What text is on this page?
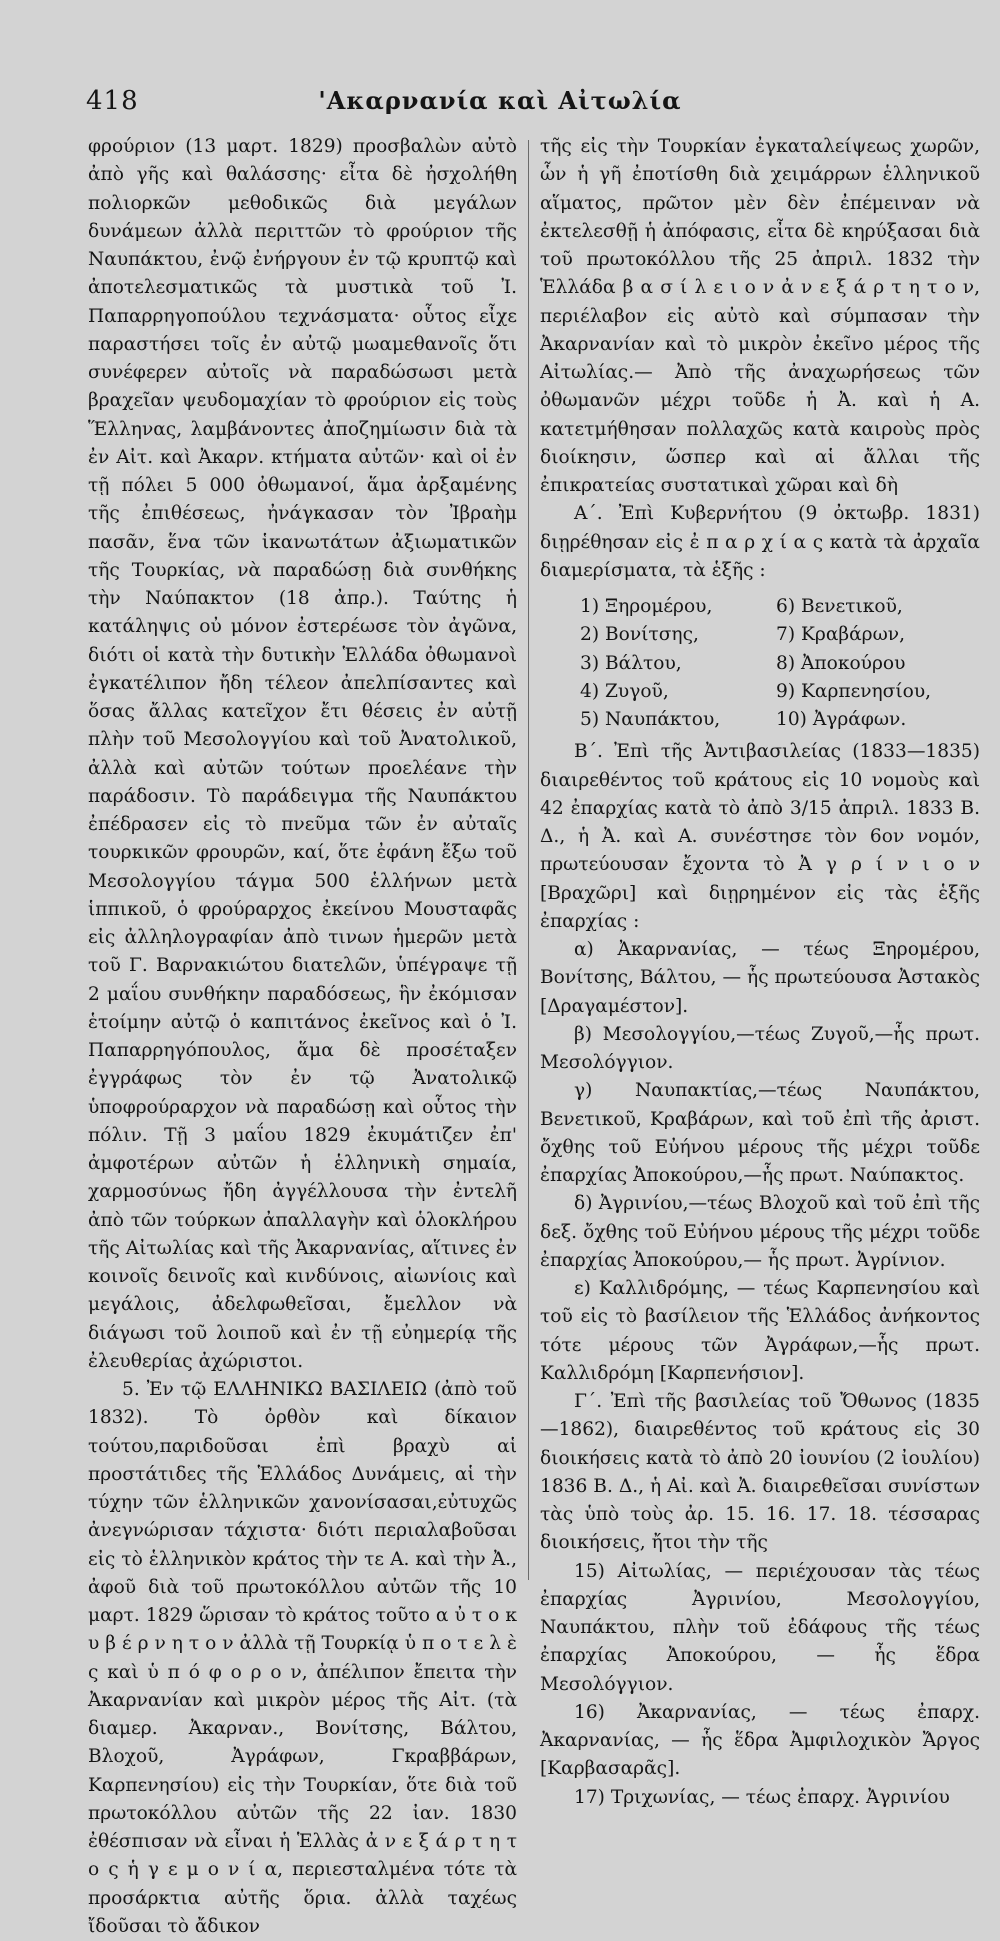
418	'Ακαρνανία καὶ Αἰτωλία

φρούριον (13 μαρτ. 1829) προσβαλὼν αὐτὸ ἀπὸ γῆς καὶ θαλάσσης· εἶτα δὲ ἠσχολήθη πολιορκῶν μεθοδικῶς διὰ μεγάλων δυνάμεων ἀλλὰ περιττῶν τὸ φρούριον τῆς Ναυπάκτου, ἐνῷ ἐνήργουν ἐν τῷ κρυπτῷ καὶ ἀποτελεσματικῶς τὰ μυστικὰ τοῦ Ἰ. Παπαρρηγοπούλου τεχνάσματα· οὗτος εἶχε παραστήσει τοῖς ἐν αὐτῷ μωαμεθανοῖς ὅτι συνέφερεν αὐτοῖς νὰ παραδώσωσι μετὰ βραχεῖαν ψευδομαχίαν τὸ φρούριον εἰς τοὺς Ἕλληνας, λαμβάνοντες ἀποζημίωσιν διὰ τὰ ἐν Αἰτ. καὶ Ἀκαρν. κτήματα αὐτῶν· καὶ οἱ ἐν τῇ πόλει 5 000 ὀθωμανοί, ἅμα ἀρξαμένης τῆς ἐπιθέσεως, ἠνάγκασαν τὸν Ἰβραὴμ πασᾶν, ἕνα τῶν ἱκανωτάτων ἀξιωματικῶν τῆς Τουρκίας, νὰ παραδώσῃ διὰ συνθήκης τὴν Ναύπακτον (18 ἀπρ.). Ταύτης ἡ κατάληψις οὐ μόνον ἐστερέωσε τὸν ἀγῶνα, διότι οἱ κατὰ τὴν δυτικὴν Ἑλλάδα ὀθωμανοὶ ἐγκατέλιπον ἤδη τέλεον ἀπελπίσαντες καὶ ὅσας ἄλλας κατεῖχον ἔτι θέσεις ἐν αὐτῇ πλὴν τοῦ Μεσολογγίου καὶ τοῦ Ἀνατολικοῦ, ἀλλὰ καὶ αὐτῶν τούτων προελέανε τὴν παράδοσιν. Τὸ παράδειγμα τῆς Ναυπάκτου ἐπέδρασεν εἰς τὸ πνεῦμα τῶν ἐν αὐταῖς τουρκικῶν φρουρῶν, καί, ὅτε ἐφάνη ἔξω τοῦ Μεσολογγίου τάγμα 500 ἑλλήνων μετὰ ἱππικοῦ, ὁ φρούραρχος ἐκείνου Μουσταφᾶς εἰς ἀλληλογραφίαν ἀπὸ τινων ἡμερῶν μετὰ τοῦ Γ. Βαρνακιώτου διατελῶν, ὑπέγραψε τῇ 2 μαΐου συνθήκην παραδόσεως, ἣν ἐκόμισαν ἑτοίμην αὐτῷ ὁ καπιτάνος ἐκεῖνος καὶ ὁ Ἰ. Παπαρρηγόπουλος, ἅμα δὲ προσέταξεν ἐγγράφως τὸν ἐν τῷ Ἀνατολικῷ ὑποφρούραρχον νὰ παραδώσῃ καὶ οὗτος τὴν πόλιν. Τῇ 3 μαΐου 1829 ἐκυμάτιζεν ἐπ' ἀμφοτέρων αὐτῶν ἡ ἑλληνικὴ σημαία, χαρμοσύνως ἤδη ἀγγέλλουσα τὴν ἐντελῆ ἀπὸ τῶν τούρκων ἀπαλλαγὴν καὶ ὁλοκλήρου τῆς Αἰτωλίας καὶ τῆς Ἀκαρνανίας, αἵτινες ἐν κοινοῖς δεινοῖς καὶ κινδύνοις, αἰωνίοις καὶ μεγάλοις, ἀδελφωθεῖσαι, ἔμελλον νὰ διάγωσι τοῦ λοιποῦ καὶ ἐν τῇ εὐημερίᾳ τῆς ἐλευθερίας ἀχώριστοι.

5. Ἐν τῷ ΕΛΛΗΝΙΚΩ ΒΑΣΙΛΕΙΩ (ἀπὸ τοῦ 1832). Τὸ ὀρθὸν καὶ δίκαιον τούτου,παριδοῦσαι ἐπὶ βραχὺ αἱ προστάτιδες τῆς Ἑλλάδος Δυνάμεις, αἱ τὴν τύχην τῶν ἑλληνικῶν χανονίσασαι,εὐτυχῶς ἀνεγνώρισαν τάχιστα· διότι περιαλαβοῦσαι εἰς τὸ ἑλληνικὸν κράτος τὴν τε Α. καὶ τὴν Ἀ., ἀφοῦ διὰ τοῦ πρωτοκόλλου αὐτῶν τῆς 10 μαρτ. 1829 ὥρισαν τὸ κράτος τοῦτο α ὐ τ ο κ υ β έ ρ ν η τ ο ν ἀλλὰ τῇ Τουρκίᾳ ὑ π ο τ ε λ ὲ ς καὶ ὑ π ό φ ο ρ ο ν, ἀπέλιπον ἔπειτα τὴν Ἀκαρνανίαν καὶ μικρὸν μέρος τῆς Αἰτ. (τὰ διαμερ. Ἀκαρναν., Βονίτσης, Βάλτου, Βλοχοῦ, Ἀγράφων, Γκραββάρων, Καρπενησίου) εἰς τὴν Τουρκίαν, ὅτε διὰ τοῦ πρωτοκόλλου αὐτῶν τῆς 22 ἰαν. 1830 ἐθέσπισαν νὰ εἶναι ἡ Ἑλλὰς ἀ ν ε ξ ά ρ τ η τ ο ς ἡ γ ε μ ο ν ί α, περιεσταλμένα τότε τὰ προσάρκτια αὐτῆς ὅρια. ἀλλὰ ταχέως ἴδοῦσαι τὸ ἄδικον

τῆς εἰς τὴν Τουρκίαν ἐγκαταλείψεως χωρῶν, ὧν ἡ γῆ ἐποτίσθη διὰ χειμάρρων ἑλληνικοῦ αἵματος, πρῶτον μὲν δὲν ἐπέμειναν νὰ ἐκτελεσθῇ ἡ ἀπόφασις, εἶτα δὲ κηρύξασαι διὰ τοῦ πρωτοκόλλου τῆς 25 ἀπριλ. 1832 τὴν Ἑλλάδα β α σ ί λ ε ι ο ν ἀ ν ε ξ ά ρ τ η τ ο ν, περιέλαβον εἰς αὐτὸ καὶ σύμπασαν τὴν Ἀκαρνανίαν καὶ τὸ μικρὸν ἐκεῖνο μέρος τῆς Αἰτωλίας.— Ἀπὸ τῆς ἀναχωρήσεως τῶν ὀθωμανῶν μέχρι τοῦδε ἡ Ἀ. καὶ ἡ Α. κατετμήθησαν πολλαχῶς κατὰ καιροὺς πρὸς διοίκησιν, ὥσπερ καὶ αἱ ἄλλαι τῆς ἐπικρατείας συστατικαὶ χῶραι καὶ δὴ

Α΄. Ἐπὶ Κυβερνήτου (9 ὀκτωβρ. 1831) διῃρέθησαν εἰς ἐ π α ρ χ ί α ς κατὰ τὰ ἀρχαῖα διαμερίσματα, τὰ ἑξῆς :

1) Ξηρομέρου,	6) Βενετικοῦ,
2) Βονίτσης,	7) Κραβάρων,
3) Βάλτου,	8) Ἀποκούρου
4) Ζυγοῦ,	9) Καρπενησίου,
5) Ναυπάκτου,	10) Ἀγράφων.

Β΄. Ἐπὶ τῆς Ἀντιβασιλείας (1833—1835) διαιρεθέντος τοῦ κράτους εἰς 10 νομοὺς καὶ 42 ἐπαρχίας κατὰ τὸ ἀπὸ 3/15 ἀπριλ. 1833 Β. Δ., ἡ Ἀ. καὶ Α. συνέστησε τὸν 6ον νομόν, πρωτεύουσαν ἔχοντα τὸ Ἀ γ ρ ί ν ι ο ν [Βραχῶρι] καὶ διῃρημένον εἰς τὰς ἑξῆς ἐπαρχίας :

α) Ἀκαρνανίας, — τέως Ξηρομέρου, Βονίτσης, Βάλτου, — ἧς πρωτεύουσα Ἀστακὸς [Δραγαμέστον].

β) Μεσολογγίου,—τέως Ζυγοῦ,—ἧς πρωτ. Μεσολόγγιον.

γ) Ναυπακτίας,—τέως Ναυπάκτου, Βενετικοῦ, Κραβάρων, καὶ τοῦ ἐπὶ τῆς ἀριστ. ὄχθης τοῦ Εὐήνου μέρους τῆς μέχρι τοῦδε ἐπαρχίας Ἀποκούρου,—ἧς πρωτ. Ναύπακτος.

δ) Ἀγρινίου,—τέως Βλοχοῦ καὶ τοῦ ἐπὶ τῆς δεξ. ὄχθης τοῦ Εὐήνου μέρους τῆς μέχρι τοῦδε ἐπαρχίας Ἀποκούρου,— ἧς πρωτ. Ἀγρίνιον.

ε) Καλλιδρόμης, — τέως Καρπενησίου καὶ τοῦ εἰς τὸ βασίλειον τῆς Ἑλλάδος ἀνήκοντος τότε μέρους τῶν Ἀγράφων,—ἧς πρωτ. Καλλιδρόμη [Καρπενήσιον].

Γ΄. Ἐπὶ τῆς βασιλείας τοῦ Ὄθωνος (1835 —1862), διαιρεθέντος τοῦ κράτους εἰς 30 διοικήσεις κατὰ τὸ ἀπὸ 20 ἰουνίου (2 ἰουλίου) 1836 Β. Δ., ἡ Αἰ. καὶ Ἀ. διαιρεθεῖσαι συνίστων τὰς ὑπὸ τοὺς ἀρ. 15. 16. 17. 18. τέσσαρας διοικήσεις, ἤτοι τὴν τῆς

15) Αἰτωλίας, — περιέχουσαν τὰς τέως ἐπαρχίας Ἀγρινίου, Μεσολογγίου, Ναυπάκτου, πλὴν τοῦ ἐδάφους τῆς τέως ἐπαρχίας Ἀποκούρου, — ἧς ἕδρα Μεσολόγγιον.

16) Ἀκαρνανίας, — τέως ἐπαρχ. Ἀκαρνανίας, — ἧς ἕδρα Ἀμφιλοχικὸν Ἄργος [Καρβασαρᾶς].

17) Τριχωνίας, — τέως ἐπαρχ. Ἀγρινίου
